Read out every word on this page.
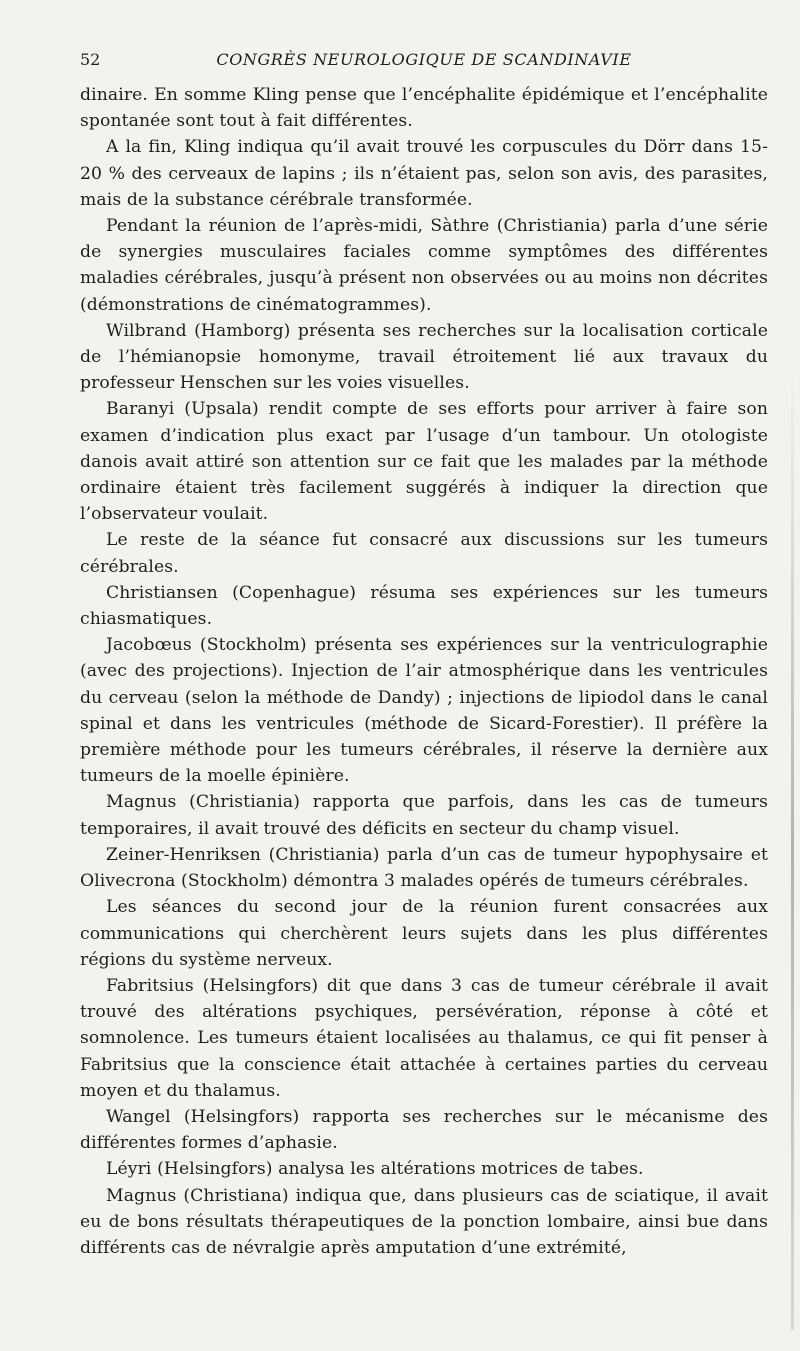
52	CONGRÈS NEUROLOGIQUE DE SCANDINAVIE

dinaire. En somme Kling pense que l’encéphalite épidémique et l’encéphalite spontanée sont tout à fait différentes.

A la fin, Kling indiqua qu’il avait trouvé les corpuscules du Dörr dans 15-20 % des cerveaux de lapins ; ils n’étaient pas, selon son avis, des parasites, mais de la substance cérébrale transformée.

Pendant la réunion de l’après-midi, Sàthre (Christiania) parla d’une série de synergies musculaires faciales comme symptômes des différentes maladies cérébrales, jusqu’à présent non observées ou au moins non décrites (démonstrations de cinématogrammes).

Wilbrand (Hamborg) présenta ses recherches sur la localisation corticale de l’hémianopsie homonyme, travail étroitement lié aux travaux du professeur Henschen sur les voies visuelles.

Baranyi (Upsala) rendit compte de ses efforts pour arriver à faire son examen d’indication plus exact par l’usage d’un tambour. Un otologiste danois avait attiré son attention sur ce fait que les malades par la méthode ordinaire étaient très facilement suggérés à indiquer la direction que l’observateur voulait.

Le reste de la séance fut consacré aux discussions sur les tumeurs cérébrales.

Christiansen (Copenhague) résuma ses expériences sur les tumeurs chiasmatiques.

Jacobœus (Stockholm) présenta ses expériences sur la ventriculographie (avec des projections). Injection de l’air atmosphérique dans les ventricules du cerveau (selon la méthode de Dandy) ; injections de lipiodol dans le canal spinal et dans les ventricules (méthode de Sicard-Forestier). Il préfère la première méthode pour les tumeurs cérébrales, il réserve la dernière aux tumeurs de la moelle épinière.

Magnus (Christiania) rapporta que parfois, dans les cas de tumeurs temporaires, il avait trouvé des déficits en secteur du champ visuel.

Zeiner-Henriksen (Christiania) parla d’un cas de tumeur hypophysaire et Olivecrona (Stockholm) démontra 3 malades opérés de tumeurs cérébrales.

Les séances du second jour de la réunion furent consacrées aux communications qui cherchèrent leurs sujets dans les plus différentes régions du système nerveux.

Fabritsius (Helsingfors) dit que dans 3 cas de tumeur cérébrale il avait trouvé des altérations psychiques, persévération, réponse à côté et somnolence. Les tumeurs étaient localisées au thalamus, ce qui fit penser à Fabritsius que la conscience était attachée à certaines parties du cerveau moyen et du thalamus.

Wangel (Helsingfors) rapporta ses recherches sur le mécanisme des différentes formes d’aphasie.

Léyri (Helsingfors) analysa les altérations motrices de tabes.

Magnus (Christiana) indiqua que, dans plusieurs cas de sciatique, il avait eu de bons résultats thérapeutiques de la ponction lombaire, ainsi bue dans différents cas de névralgie après amputation d’une extrémité,
